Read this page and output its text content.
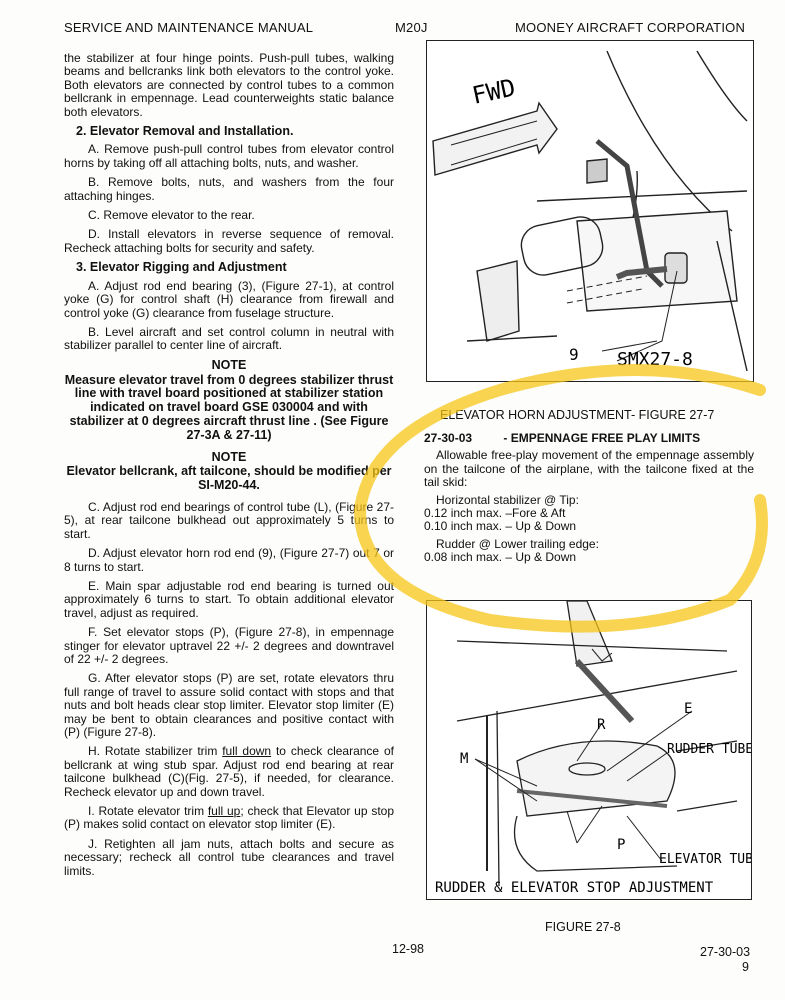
SERVICE AND MAINTENANCE MANUAL	M20J	MOONEY AIRCRAFT CORPORATION

the stabilizer at four hinge points. Push-pull tubes, walking beams and bellcranks link both elevators to the control yoke. Both elevators are connected by control tubes to a common bellcrank in empennage. Lead counterweights static balance both elevators.

2. Elevator Removal and Installation.

A. Remove push-pull control tubes from elevator control horns by taking off all attaching bolts, nuts, and washer.

B. Remove bolts, nuts, and washers from the four attaching hinges.

C. Remove elevator to the rear.

D. Install elevators in reverse sequence of removal. Recheck attaching bolts for security and safety.

3. Elevator Rigging and Adjustment

A. Adjust rod end bearing (3), (Figure 27-1), at control yoke (G) for control shaft (H) clearance from firewall and control yoke (G) clearance from fuselage structure.

B. Level aircraft and set control column in neutral with stabilizer parallel to center line of aircraft.

NOTE
Measure elevator travel from 0 degrees stabilizer thrust line with travel board positioned at stabilizer station indicated on travel board GSE 030004 and with stabilizer at 0 degrees aircraft thrust line . (See Figure 27-3A & 27-11)
NOTE
Elevator bellcrank, aft tailcone, should be modified per SI-M20-44.

C. Adjust rod end bearings of control tube (L), (Figure 27-5), at rear tailcone bulkhead out approximately 5 turns to start.

D. Adjust elevator horn rod end (9), (Figure 27-7) out 7 or 8 turns to start.

E. Main spar adjustable rod end bearing is turned out approximately 6 turns to start. To obtain additional elevator travel, adjust as required.

F. Set elevator stops (P), (Figure 27-8), in empennage stinger for elevator uptravel 22 +/- 2 degrees and downtravel of 22 +/- 2 degrees.

G. After elevator stops (P) are set, rotate elevators thru full range of travel to assure solid contact with stops and that nuts and bolt heads clear stop limiter. Elevator stop limiter (E) may be bent to obtain clearances and positive contact with (P) (Figure 27-8).

H. Rotate stabilizer trim full down to check clearance of bellcrank at wing stub spar. Adjust rod end bearing at rear tailcone bulkhead (C)(Fig. 27-5), if needed, for clearance. Recheck elevator up and down travel.

I. Rotate elevator trim full up; check that Elevator up stop (P) makes solid contact on elevator stop limiter (E).

J. Retighten all jam nuts, attach bolts and secure as necessary; recheck all control tube clearances and travel limits.

FWD
9 SMX27-8
ELEVATOR HORN ADJUSTMENT- FIGURE 27-7
27-30-03	- EMPENNAGE FREE PLAY LIMITS

Allowable free-play movement of the empennage assembly on the tailcone of the airplane, with the tailcone fixed at the tail skid:

Horizontal stabilizer @ Tip:
0.12 inch max. –Fore & Aft
0.10 inch max. – Up & Down
Rudder @ Lower trailing edge:
0.08 inch max. – Up & Down
E
R
M
P
RUDDER TUBE
ELEVATOR TUBE
RUDDER & ELEVATOR STOP ADJUSTMENT
FIGURE 27-8
12-98	27-30-03
9
